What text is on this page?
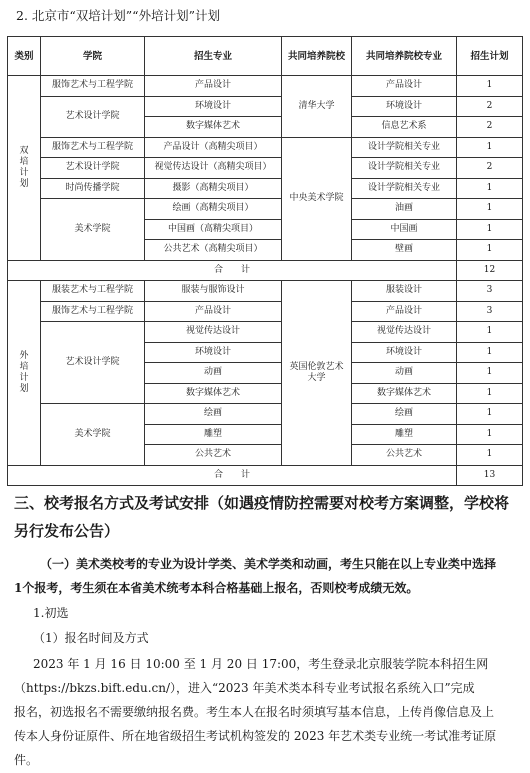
2. 北京市“双培计划”“外培计划”计划
类别	学院	招生专业	共同培养院校	共同培养院校专业	招生计划
双培计划	服饰艺术与工程学院	产品设计	清华大学	产品设计	1
	艺术设计学院	环境设计		环境设计	2
		数字媒体艺术		信息艺术系	2
	服饰艺术与工程学院	产品设计（高精尖项目）	中央美术学院	设计学院相关专业	1
	艺术设计学院	视觉传达设计（高精尖项目）		设计学院相关专业	2
	时尚传播学院	摄影（高精尖项目）		设计学院相关专业	1
	美术学院	绘画（高精尖项目）		油画	1
		中国画（高精尖项目）		中国画	1
		公共艺术（高精尖项目）		壁画	1
合　　计					12
外培计划	服装艺术与工程学院	服装与服饰设计	英国伦敦艺术大学	服装设计	3
	服饰艺术与工程学院	产品设计		产品设计	3
	艺术设计学院	视觉传达设计		视觉传达设计	1
		环境设计		环境设计	1
		动画		动画	1
		数字媒体艺术		数字媒体艺术	1
	美术学院	绘画		绘画	1
		雕塑		雕塑	1
		公共艺术		公共艺术	1
合　　计					13
三、校考报名方式及考试安排（如遇疫情防控需要对校考方案调整，学校将
另行发布公告）
（一）美术类校考的专业为设计学类、美术学类和动画，考生只能在以上专业类中选择
1个报考，考生须在本省美术统考本科合格基础上报名，否则校考成绩无效。
1.初选
（1）报名时间及方式
2023 年 1 月 16 日 10:00 至 1 月 20 日 17:00，考生登录北京服装学院本科招生网
（https://bkzs.bift.edu.cn/），进入“2023 年美术类本科专业考试报名系统入口”完成
报名，初选报名不需要缴纳报名费。考生本人在报名时须填写基本信息，上传肖像信息及上
传本人身份证原件、所在地省级招生考试机构签发的 2023 年艺术类专业统一考试准考证原
件。
